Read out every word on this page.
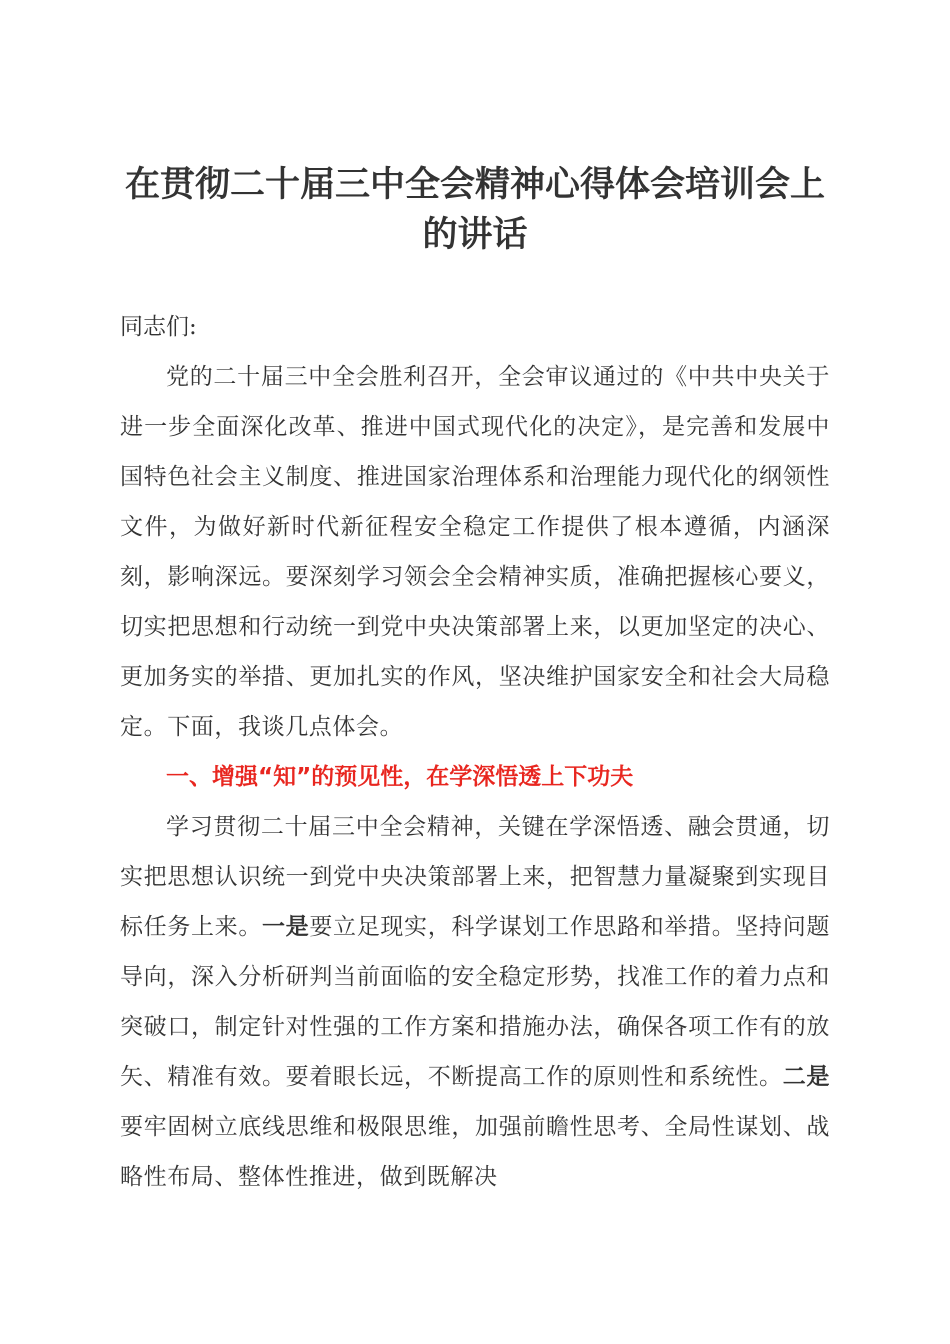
在贯彻二十届三中全会精神心得体会培训会上
的讲话

同志们:

党的二十届三中全会胜利召开，全会审议通过的《中共中央关于进一步全面深化改革、推进中国式现代化的决定》，是完善和发展中国特色社会主义制度、推进国家治理体系和治理能力现代化的纲领性文件，为做好新时代新征程安全稳定工作提供了根本遵循，内涵深刻，影响深远。要深刻学习领会全会精神实质，准确把握核心要义，切实把思想和行动统一到党中央决策部署上来，以更加坚定的决心、更加务实的举措、更加扎实的作风，坚决维护国家安全和社会大局稳定。下面，我谈几点体会。

一、增强“知”的预见性，在学深悟透上下功夫

学习贯彻二十届三中全会精神，关键在学深悟透、融会贯通，切实把思想认识统一到党中央决策部署上来，把智慧力量凝聚到实现目标任务上来。一是要立足现实，科学谋划工作思路和举措。坚持问题导向，深入分析研判当前面临的安全稳定形势，找准工作的着力点和突破口，制定针对性强的工作方案和措施办法，确保各项工作有的放矢、精准有效。要着眼长远，不断提高工作的原则性和系统性。二是要牢固树立底线思维和极限思维，加强前瞻性思考、全局性谋划、战略性布局、整体性推进，做到既解决
